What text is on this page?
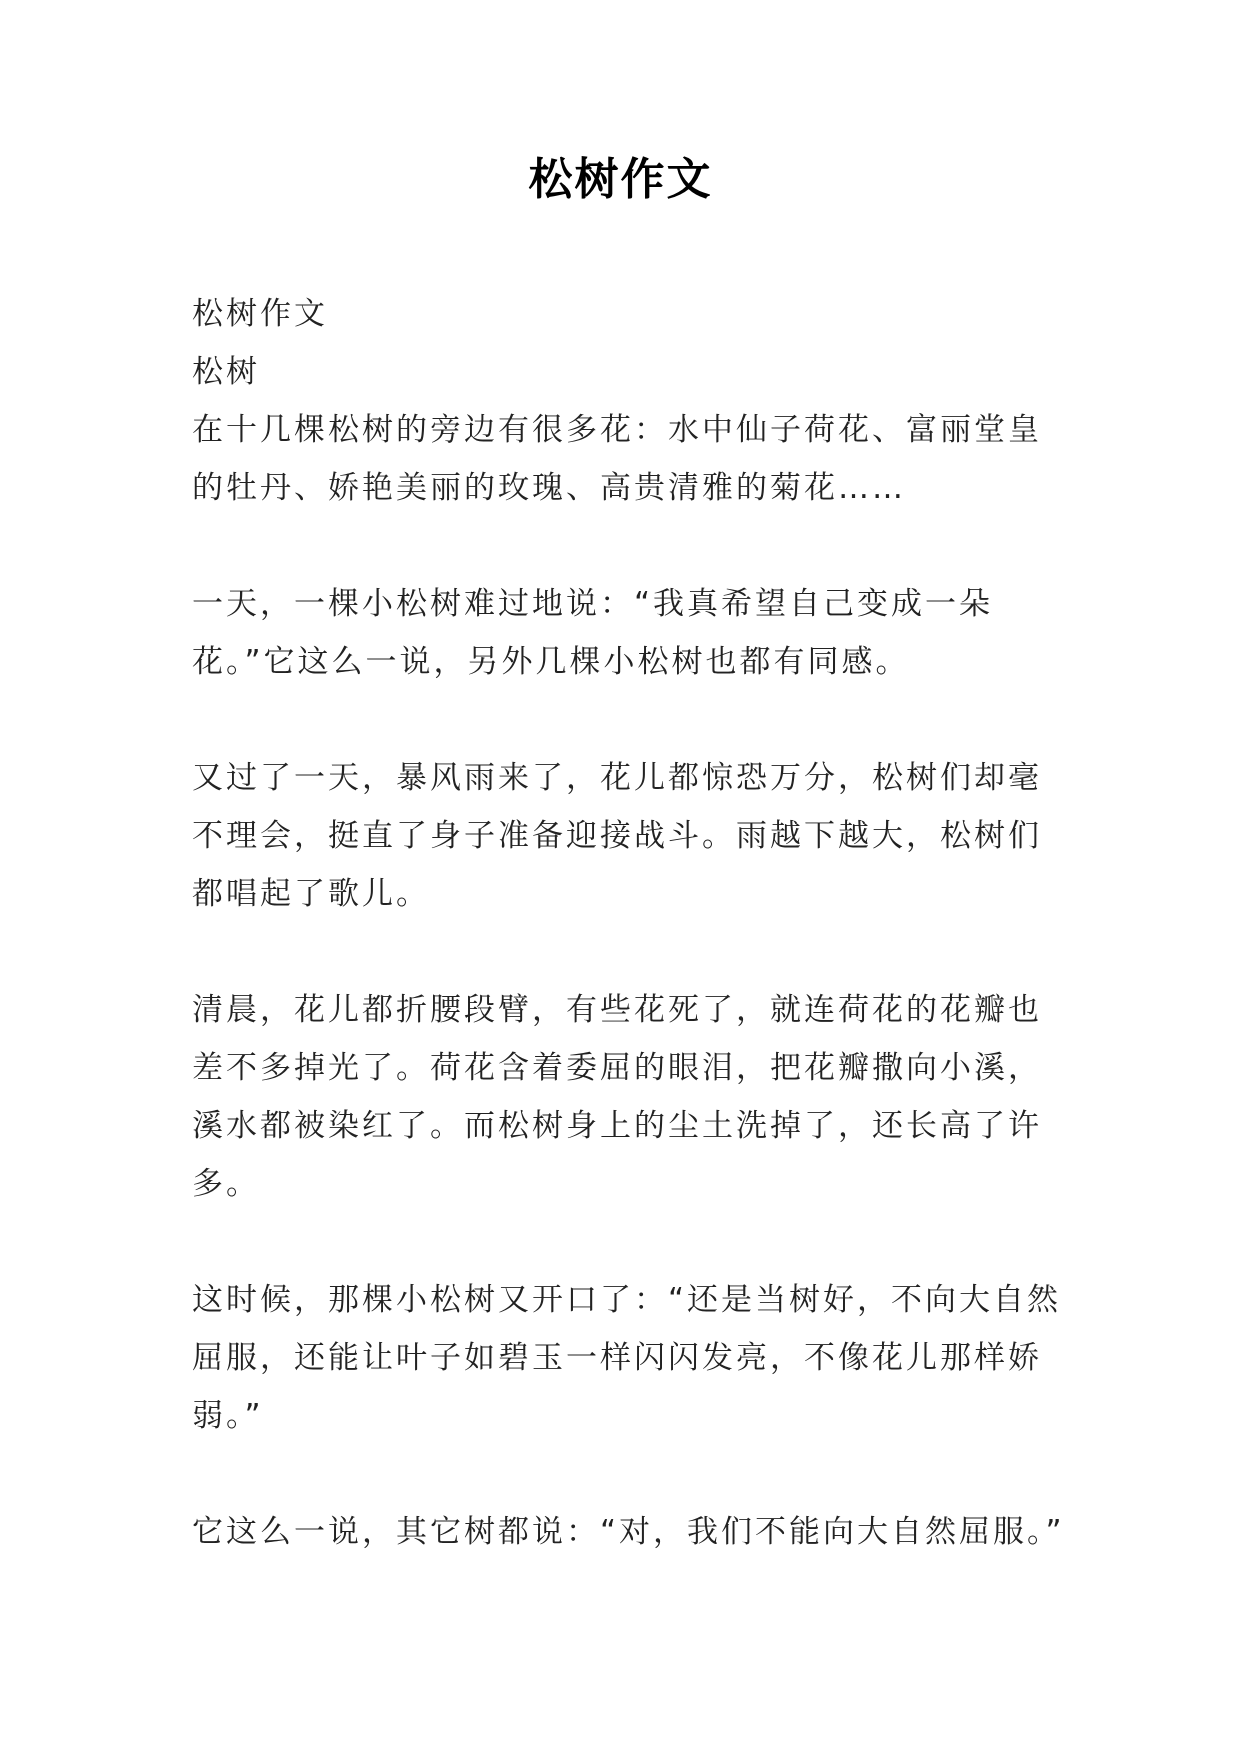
松树作文

松树作文

松树

在十几棵松树的旁边有很多花：水中仙子荷花、富丽堂皇的牡丹、娇艳美丽的玫瑰、高贵清雅的菊花……

一天，一棵小松树难过地说：“我真希望自己变成一朵花。”它这么一说，另外几棵小松树也都有同感。

又过了一天，暴风雨来了，花儿都惊恐万分，松树们却毫不理会，挺直了身子准备迎接战斗。雨越下越大，松树们都唱起了歌儿。

清晨，花儿都折腰段臂，有些花死了，就连荷花的花瓣也差不多掉光了。荷花含着委屈的眼泪，把花瓣撒向小溪，溪水都被染红了。而松树身上的尘土洗掉了，还长高了许多。

这时候，那棵小松树又开口了：“还是当树好，不向大自然屈服，还能让叶子如碧玉一样闪闪发亮，不像花儿那样娇弱。”

它这么一说，其它树都说：“对，我们不能向大自然屈服。”
